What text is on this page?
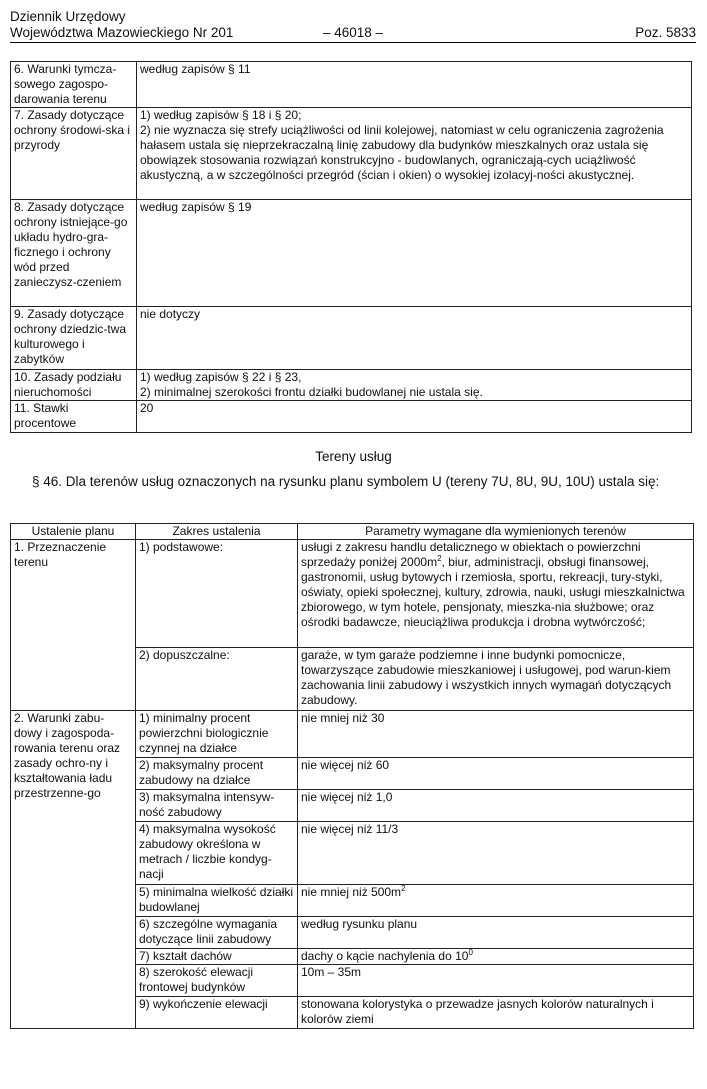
Dziennik Urzędowy
Województwa Mazowieckiego Nr 201	– 46018 –	Poz. 5833
6. Warunki tymcza-sowego zagospo-darowania terenu	według zapisów § 11
7. Zasady dotyczące ochrony środowi-ska i przyrody	1) według zapisów § 18 i § 20;
2) nie wyznacza się strefy uciążliwości od linii kolejowej, natomiast w celu ograniczenia zagrożenia hałasem ustala się nieprzekraczalną linię zabudowy dla budynków mieszkalnych oraz ustala się obowiązek stosowania rozwiązań konstrukcyjno - budowlanych, ograniczają-cych uciążliwość akustyczną, a w szczególności przegród (ścian i okien) o wysokiej izolacyj-ności akustycznej.
8. Zasady dotyczące ochrony istniejące-go układu hydro-gra-ficznego i ochrony wód przed zanieczysz-czeniem	według zapisów § 19
9. Zasady dotyczące ochrony dziedzic-twa kulturowego i zabytków	nie dotyczy
10. Zasady podziału nieruchomości	1) według zapisów § 22 i § 23,
2) minimalnej szerokości frontu działki budowlanej nie ustala się.
11. Stawki procentowe	20
Tereny usług
§ 46. Dla terenów usług oznaczonych na rysunku planu symbolem U (tereny 7U, 8U, 9U, 10U) ustala się:
Ustalenie planu	Zakres ustalenia	Parametry wymagane dla wymienionych terenów
1. Przeznaczenie terenu	1) podstawowe:	usługi z zakresu handlu detalicznego w obiektach o powierzchni sprzedaży poniżej $2000m^2$, biur, administracji, obsługi finansowej, gastronomii, usług bytowych i rzemiosła, sportu, rekreacji, tury-styki, oświaty, opieki społecznej, kultury, zdrowia, nauki, usługi mieszkalnictwa zbiorowego, w tym hotele, pensjonaty, mieszka-nia służbowe; oraz ośrodki badawcze, nieuciążliwa produkcja i drobna wytwórczość;
	2) dopuszczalne:	garaże, w tym garaże podziemne i inne budynki pomocnicze, towarzyszące zabudowie mieszkaniowej i usługowej, pod warun-kiem zachowania linii zabudowy i wszystkich innych wymagań dotyczących zabudowy.
2. Warunki zabu-dowy i zagospoda-rowania terenu oraz zasady ochro-ny i kształtowania ładu przestrzenne-go	1) minimalny procent powierzchni biologicznie czynnej na działce	nie mniej niż 30
	2) maksymalny procent zabudowy na działce	nie więcej niż 60
	3) maksymalna intensyw-ność zabudowy	nie więcej niż 1,0
	4) maksymalna wysokość zabudowy określona w metrach / liczbie kondyg-nacji	nie więcej niż 11/3
	5) minimalna wielkość działki budowlanej	nie mniej niż $500m^2$
	6) szczególne wymagania dotyczące linii zabudowy	według rysunku planu
	7) kształt dachów	dachy o kącie nachylenia do $10^0$
	8) szerokość elewacji frontowej budynków	10m – 35m
	9) wykończenie elewacji	stonowana kolorystyka o przewadze jasnych kolorów naturalnych i kolorów ziemi
